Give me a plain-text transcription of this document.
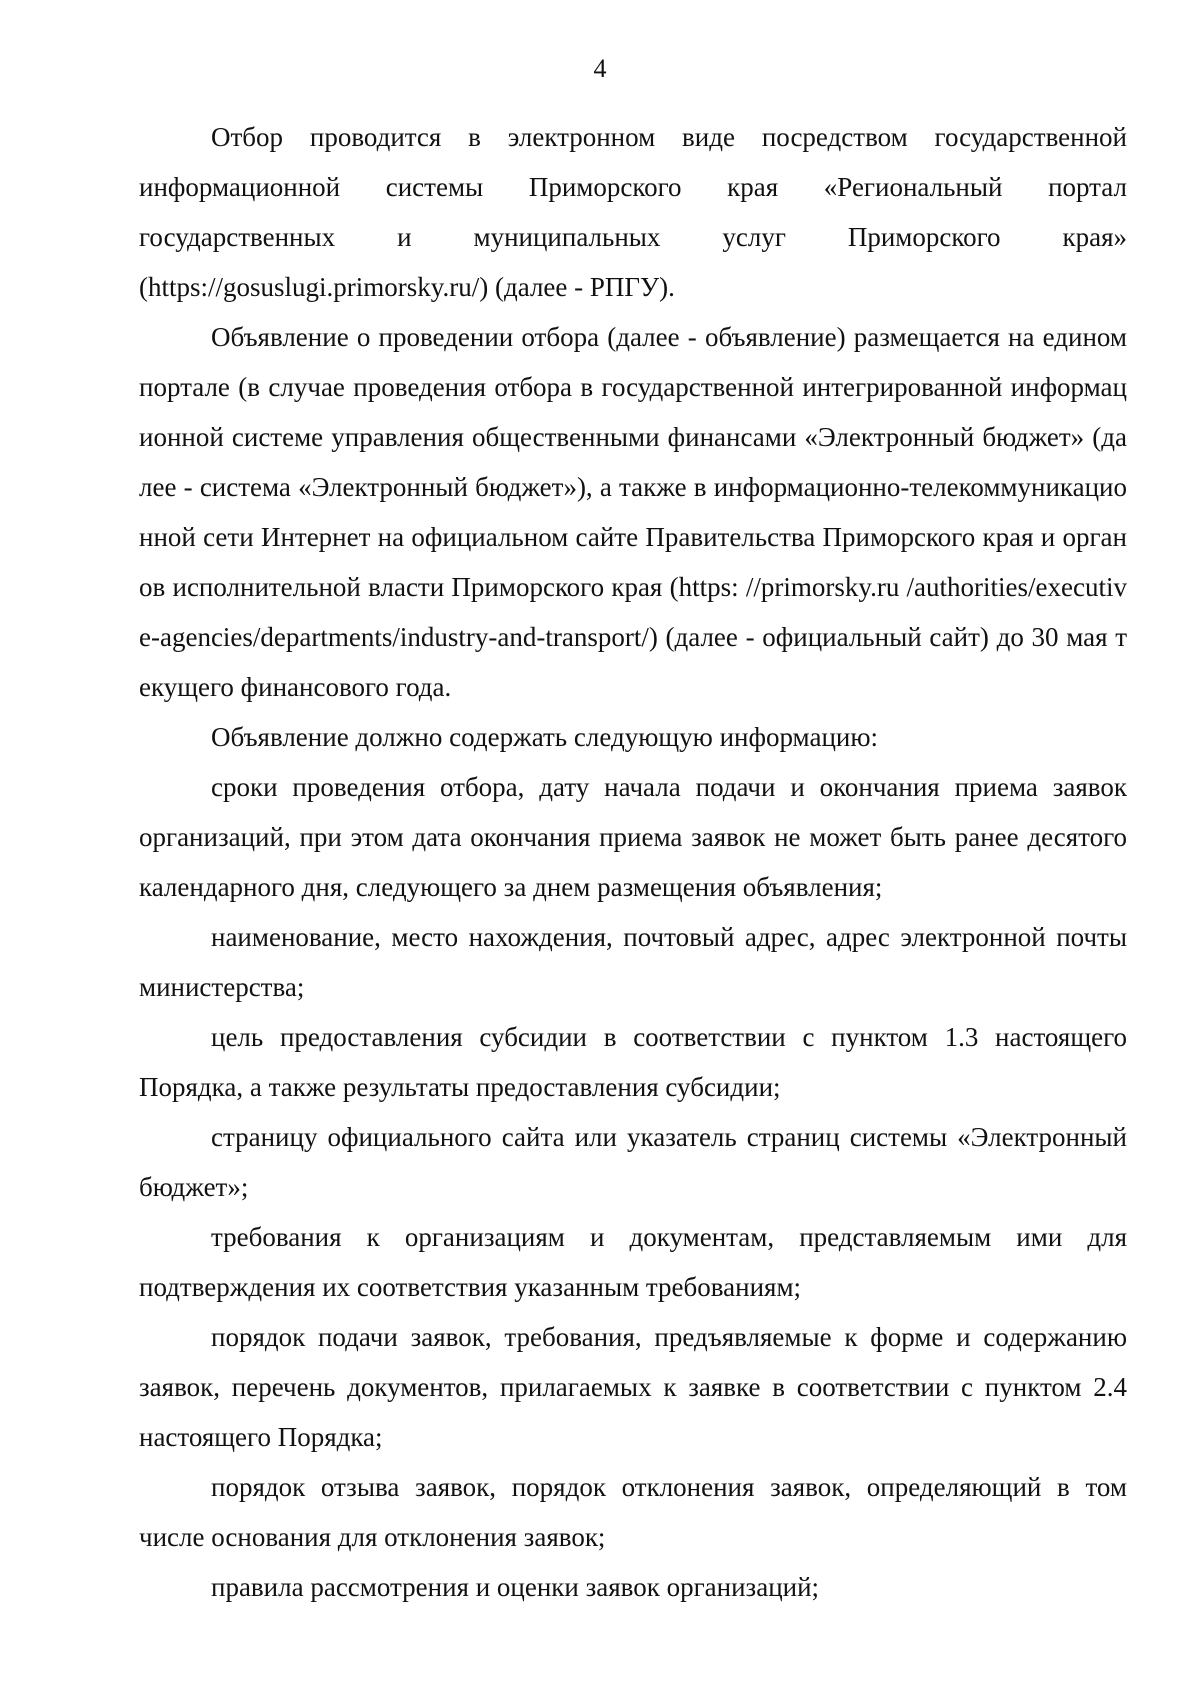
4

Отбор проводится в электронном виде посредством государственной информационной системы Приморского края «Региональный портал государственных и муниципальных услуг Приморского края» (https://gosuslugi.primorsky.ru/) (далее - РПГУ).

Объявление о проведении отбора (далее - объявление) размещается на едином портале (в случае проведения отбора в государственной интегрированной информационной системе управления общественными финансами «Электронный бюджет» (далее - система «Электронный бюджет»), а также в информационно-телекоммуникационной сети Интернет на официальном сайте Правительства Приморского края и органов исполнительной власти Приморского края (https: //primorsky.ru /authorities/executive-agencies/departments/industry-and-transport/) (далее - официальный сайт) до 30 мая текущего финансового года.

Объявление должно содержать следующую информацию:

сроки проведения отбора, дату начала подачи и окончания приема заявок организаций, при этом дата окончания приема заявок не может быть ранее десятого календарного дня, следующего за днем размещения объявления;

наименование, место нахождения, почтовый адрес, адрес электронной почты министерства;

цель предоставления субсидии в соответствии с пунктом 1.3 настоящего Порядка, а также результаты предоставления субсидии;

страницу официального сайта или указатель страниц системы «Электронный бюджет»;

требования к организациям и документам, представляемым ими для подтверждения их соответствия указанным требованиям;

порядок подачи заявок, требования, предъявляемые к форме и содержанию заявок, перечень документов, прилагаемых к заявке в соответствии с пунктом 2.4 настоящего Порядка;

порядок отзыва заявок, порядок отклонения заявок, определяющий в том числе основания для отклонения заявок;

правила рассмотрения и оценки заявок организаций;
